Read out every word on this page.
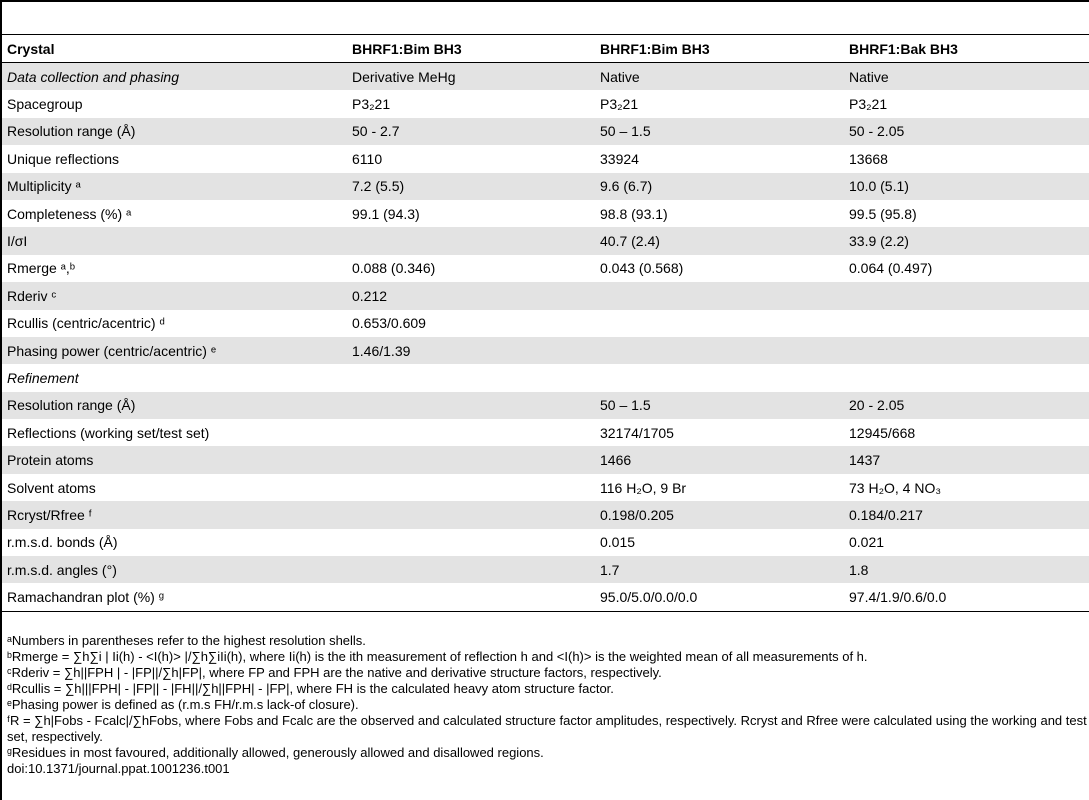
Crystal	BHRF1:Bim BH3	BHRF1:Bim BH3	BHRF1:Bak BH3
Data collection and phasing	Derivative MeHg	Native	Native
Spacegroup	P3₂21	P3₂21	P3₂21
Resolution range (Å)	50 - 2.7	50 – 1.5	50 - 2.05
Unique reflections	6110	33924	13668
Multiplicity ᵃ	7.2 (5.5)	9.6 (6.7)	10.0 (5.1)
Completeness (%) ᵃ	99.1 (94.3)	98.8 (93.1)	99.5 (95.8)
I/σI		40.7 (2.4)	33.9 (2.2)
Rmerge ᵃ,ᵇ	0.088 (0.346)	0.043 (0.568)	0.064 (0.497)
Rderiv ᶜ	0.212		
Rcullis (centric/acentric) ᵈ	0.653/0.609		
Phasing power (centric/acentric) ᵉ	1.46/1.39		
Refinement			
Resolution range (Å)		50 – 1.5	20 - 2.05
Reflections (working set/test set)		32174/1705	12945/668
Protein atoms		1466	1437
Solvent atoms		116 H₂O, 9 Br	73 H₂O, 4 NO₃
Rcryst/Rfree ᶠ		0.198/0.205	0.184/0.217
r.m.s.d. bonds (Å)		0.015	0.021
r.m.s.d. angles (°)		1.7	1.8
Ramachandran plot (%) ᵍ		95.0/5.0/0.0/0.0	97.4/1.9/0.6/0.0
ᵃNumbers in parentheses refer to the highest resolution shells.
ᵇRmerge = ∑h∑i | Ii(h) - <I(h)> |/∑h∑iIi(h), where Ii(h) is the ith measurement of reflection h and <I(h)> is the weighted mean of all measurements of h.
ᶜRderiv = ∑h||FPH | - |FP||/∑h|FP|, where FP and FPH are the native and derivative structure factors, respectively.
ᵈRcullis = ∑h|||FPH| - |FP|| - |FH||/∑h||FPH| - |FP|, where FH is the calculated heavy atom structure factor.
ᵉPhasing power is defined as (r.m.s FH/r.m.s lack-of closure).
ᶠR = ∑h|Fobs - Fcalc|/∑hFobs, where Fobs and Fcalc are the observed and calculated structure factor amplitudes, respectively. Rcryst and Rfree were calculated using the working and test set, respectively.
ᵍResidues in most favoured, additionally allowed, generously allowed and disallowed regions.
doi:10.1371/journal.ppat.1001236.t001
